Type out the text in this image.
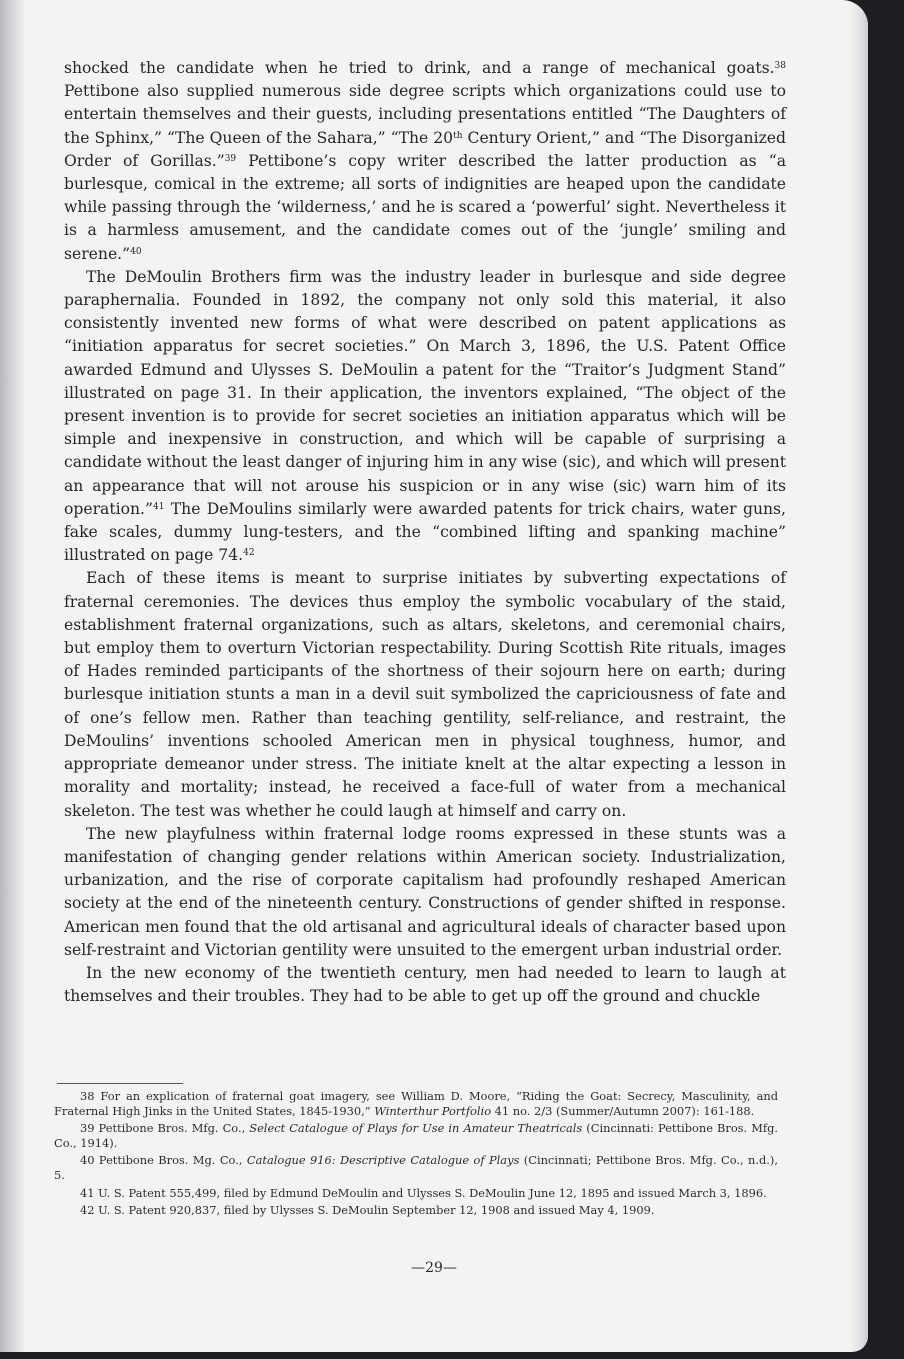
shocked the candidate when he tried to drink, and a range of mechanical goats.$^{38}$ Pettibone also supplied numerous side degree scripts which organizations could use to entertain themselves and their guests, including presentations entitled “The Daughters of the Sphinx,” “The Queen of the Sahara,” “The 20th Century Orient,” and “The Disorganized Order of Gorillas.”$^{39}$ Pettibone’s copy writer described the latter production as “a burlesque, comical in the extreme; all sorts of indignities are heaped upon the candidate while passing through the ‘wilderness,’ and he is scared a ‘powerful’ sight. Nevertheless it is a harmless amusement, and the candidate comes out of the ‘jungle’ smiling and serene.”$^{40}$

The DeMoulin Brothers firm was the industry leader in burlesque and side degree paraphernalia. Founded in 1892, the company not only sold this material, it also consistently invented new forms of what were described on patent applications as “initiation apparatus for secret societies.” On March 3, 1896, the U.S. Patent Office awarded Edmund and Ulysses S. DeMoulin a patent for the “Traitor’s Judgment Stand” illustrated on page 31. In their application, the inventors explained, “The object of the present invention is to provide for secret societies an initiation apparatus which will be simple and inexpensive in construction, and which will be capable of surprising a candidate without the least danger of injuring him in any wise (sic), and which will present an appearance that will not arouse his suspicion or in any wise (sic) warn him of its operation.”$^{41}$ The DeMoulins similarly were awarded patents for trick chairs, water guns, fake scales, dummy lung-testers, and the “combined lifting and spanking machine” illustrated on page 74.42

Each of these items is meant to surprise initiates by subverting expectations of fraternal ceremonies. The devices thus employ the symbolic vocabulary of the staid, establishment fraternal organizations, such as altars, skeletons, and ceremonial chairs, but employ them to overturn Victorian respectability. During Scottish Rite rituals, images of Hades reminded participants of the shortness of their sojourn here on earth; during burlesque initiation stunts a man in a devil suit symbolized the capriciousness of fate and of one’s fellow men. Rather than teaching gentility, self-reliance, and restraint, the DeMoulins’ inventions schooled American men in physical toughness, humor, and appropriate demeanor under stress. The initiate knelt at the altar expecting a lesson in morality and mortality; instead, he received a face-full of water from a mechanical skeleton. The test was whether he could laugh at himself and carry on.

The new playfulness within fraternal lodge rooms expressed in these stunts was a manifestation of changing gender relations within American society. Industrialization, urbanization, and the rise of corporate capitalism had profoundly reshaped American society at the end of the nineteenth century. Constructions of gender shifted in response. American men found that the old artisanal and agricultural ideals of character based upon self-restraint and Victorian gentility were unsuited to the emergent urban industrial order.

In the new economy of the twentieth century, men had needed to learn to laugh at themselves and their troubles. They had to be able to get up off the ground and chuckle

38 For an explication of fraternal goat imagery, see William D. Moore, “Riding the Goat: Secrecy, Masculinity, and Fraternal High Jinks in the United States, 1845-1930,” Winterthur Portfolio 41 no. 2/3 (Summer/Autumn 2007): 161-188.

39 Pettibone Bros. Mfg. Co., Select Catalogue of Plays for Use in Amateur Theatricals (Cincinnati: Pettibone Bros. Mfg. Co., 1914).

40 Pettibone Bros. Mg. Co., Catalogue 916: Descriptive Catalogue of Plays (Cincinnati; Pettibone Bros. Mfg. Co., n.d.), 5.

41 U. S. Patent 555,499, filed by Edmund DeMoulin and Ulysses S. DeMoulin June 12, 1895 and issued March 3, 1896.

42 U. S. Patent 920,837, filed by Ulysses S. DeMoulin September 12, 1908 and issued May 4, 1909.

—29—
